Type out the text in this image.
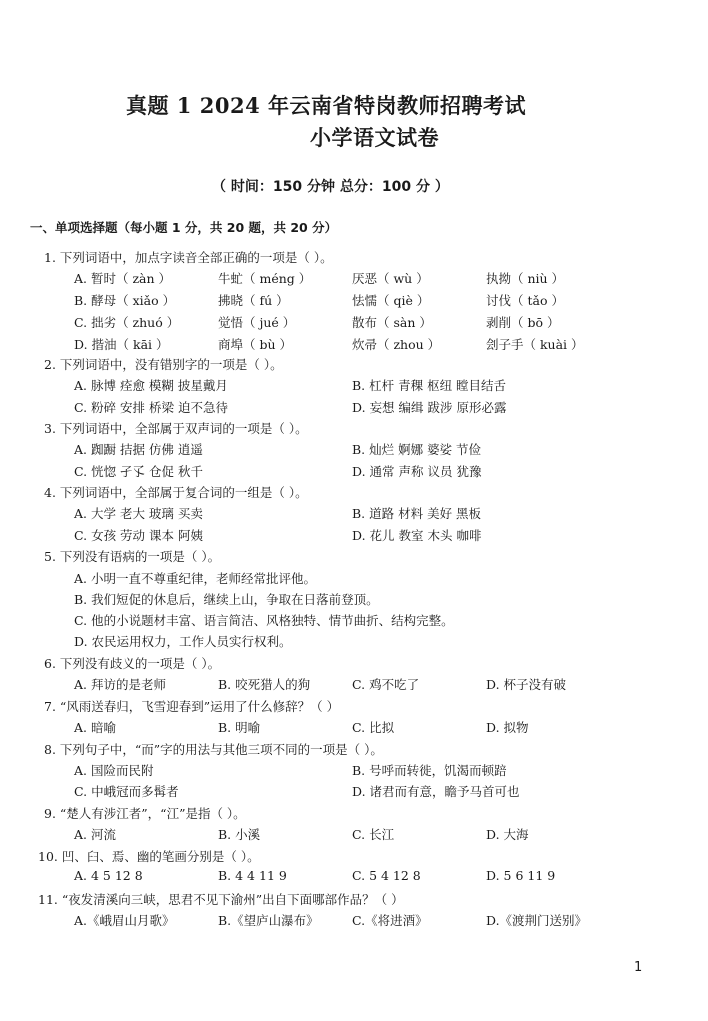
真题 1 2024 年云南省特岗教师招聘考试
小学语文试卷
（ 时间：150 分钟 总分：100 分 ）
一、单项选择题（每小题 1 分，共 20 题，共 20 分）
1. 下列词语中，加点字读音全部正确的一项是（ ）。
A. 暂时（ zàn ）	牛虻（ méng ）	厌恶（ wù ）	执拗（ niù ）
B. 酵母（ xiǎo ）	拂晓（ fú ）	怯懦（ qiè ）	讨伐（ tǎo ）
C. 拙劣（ zhuó ）	觉悟（ jué ）	散布（ sàn ）	剥削（ bō ）
D. 揩油（ kāi ）	商埠（ bù ）	炊帚（ zhou ）	刽子手（ kuài ）
2. 下列词语中，没有错别字的一项是（ ）。
A. 脉博 痊愈 模糊 披星戴月	B. 杠杆 青稞 枢纽 瞠目结舌
C. 粉碎 安排 桥梁 迫不急待	D. 妄想 编缉 跋涉 原形必露
3. 下列词语中，全部属于双声词的一项是（ ）。
A. 踟蹰 拮据 仿佛 逍遥	B. 灿烂 婀娜 婆娑 节俭
C. 恍惚 孑孓 仓促 秋千	D. 通常 声称 议员 犹豫
4. 下列词语中，全部属于复合词的一组是（ ）。
A. 大学 老大 玻璃 买卖	B. 道路 材料 美好 黑板
C. 女孩 劳动 课本 阿姨	D. 花儿 教室 木头 咖啡
5. 下列没有语病的一项是（ ）。
A. 小明一直不尊重纪律，老师经常批评他。
B. 我们短促的休息后，继续上山，争取在日落前登顶。
C. 他的小说题材丰富、语言简洁、风格独特、情节曲折、结构完整。
D. 农民运用权力，工作人员实行权利。
6. 下列没有歧义的一项是（ ）。
A. 拜访的是老师	B. 咬死猎人的狗	C. 鸡不吃了	D. 杯子没有破
7. “风雨送春归，飞雪迎春到”运用了什么修辞？（ ）
A. 暗喻	B. 明喻	C. 比拟	D. 拟物
8. 下列句子中，“而”字的用法与其他三项不同的一项是（ ）。
A. 国险而民附	B. 号呼而转徙，饥渴而顿踣
C. 中峨冠而多髯者	D. 诸君而有意，瞻予马首可也
9. “楚人有涉江者”，“江”是指（ ）。
A. 河流	B. 小溪	C. 长江	D. 大海
10. 凹、臼、焉、幽的笔画分别是（ ）。
A. 4 5 12 8	B. 4 4 11 9	C. 5 4 12 8	D. 5 6 11 9
11. “夜发清溪向三峡，思君不见下渝州”出自下面哪部作品？（ ）
A.《峨眉山月歌》	B.《望庐山瀑布》	C.《将进酒》	D.《渡荆门送别》
1
